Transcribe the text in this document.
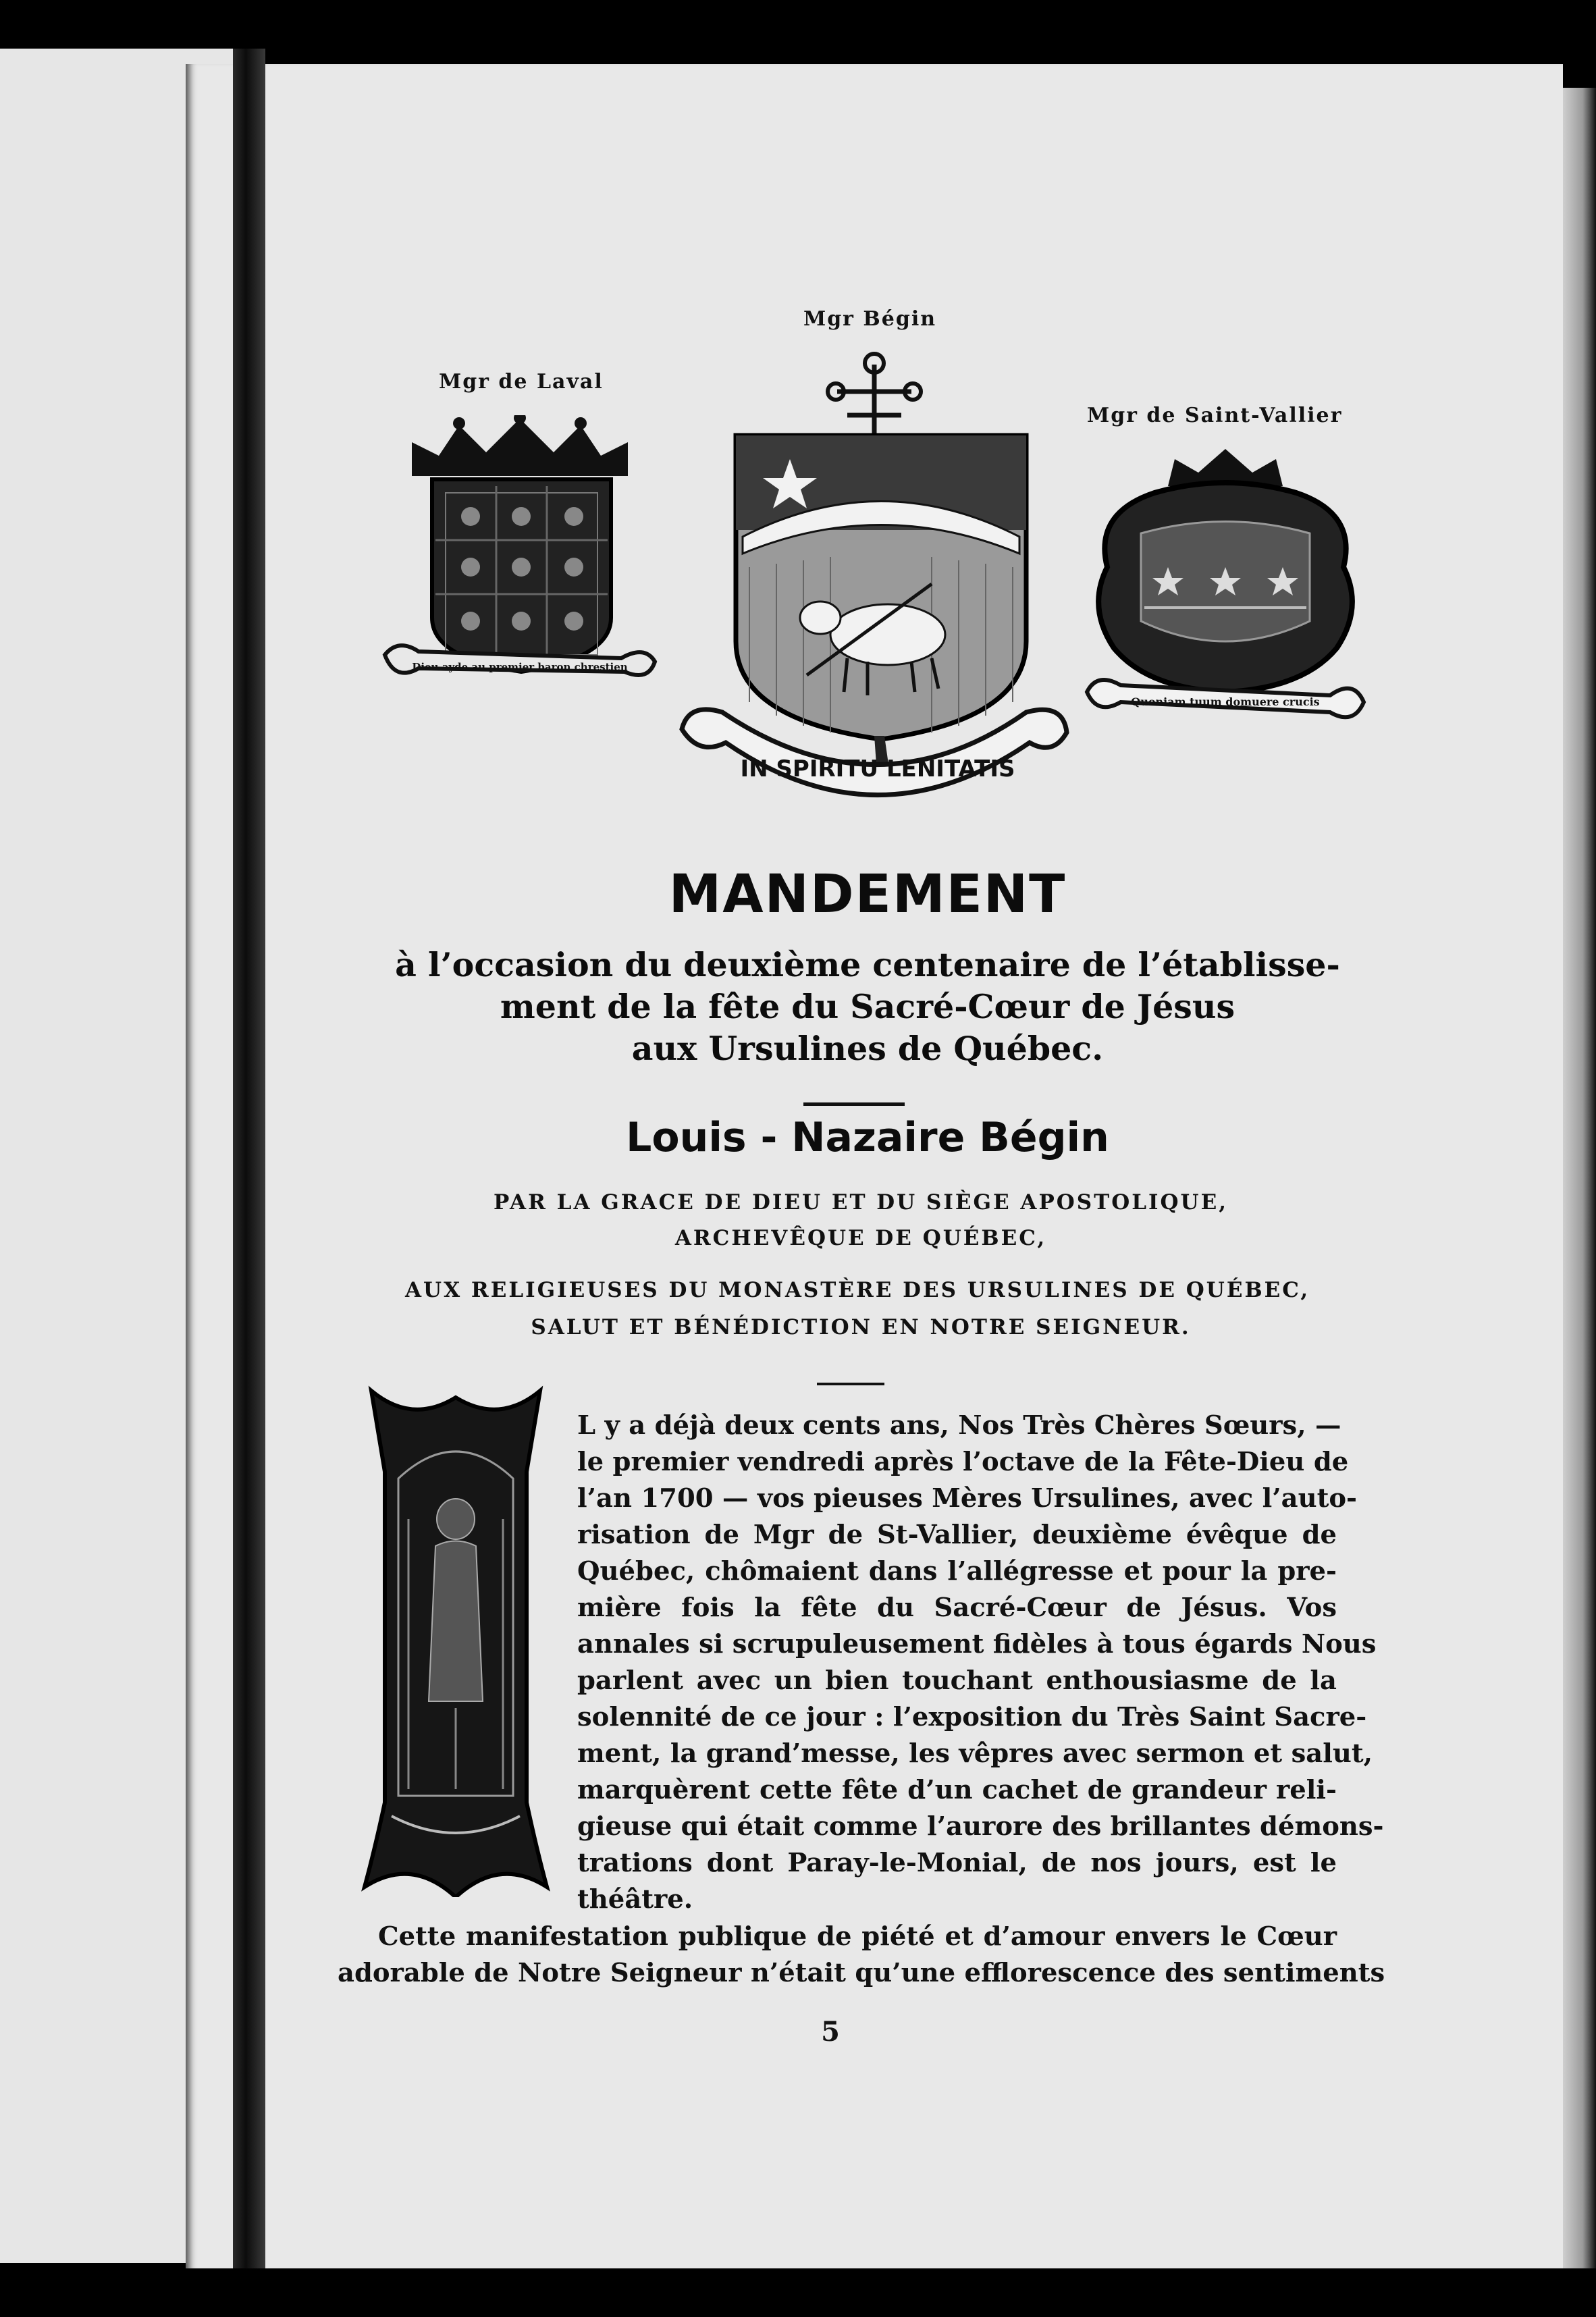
Mgr de Laval
Dieu ayde au premier baron chrestien
Mgr Bégin
IN SPIRITU LENITATIS
Mgr de Saint-Vallier
Quoniam tuum domuere crucis
MANDEMENT
à l’occasion du deuxième centenaire de l’établisse-
ment de la fête du Sacré-Cœur de Jésus
aux Ursulines de Québec.
Louis - Nazaire Bégin
PAR LA GRACE DE DIEU ET DU SIÈGE APOSTOLIQUE,
ARCHEVÊQUE DE QUÉBEC,
AUX RELIGIEUSES DU MONASTÈRE DES URSULINES DE QUÉBEC,
SALUT ET BÉNÉDICTION EN NOTRE SEIGNEUR.
L y a déjà deux cents ans, Nos Très Chères Sœurs, —
le premier vendredi après l’octave de la Fête-Dieu de
l’an 1700 — vos pieuses Mères Ursulines, avec l’auto-
risation de Mgr de St-Vallier, deuxième évêque de
Québec, chômaient dans l’allégresse et pour la pre-
mière fois la fête du Sacré-Cœur de Jésus. Vos
annales si scrupuleusement fidèles à tous égards Nous
parlent avec un bien touchant enthousiasme de la
solennité de ce jour : l’exposition du Très Saint Sacre-
ment, la grand’messe, les vêpres avec sermon et salut,
marquèrent cette fête d’un cachet de grandeur reli-
gieuse qui était comme l’aurore des brillantes démons-
trations dont Paray-le-Monial, de nos jours, est le
théâtre.
Cette manifestation publique de piété et d’amour envers le Cœur
adorable de Notre Seigneur n’était qu’une efflorescence des sentiments
5
